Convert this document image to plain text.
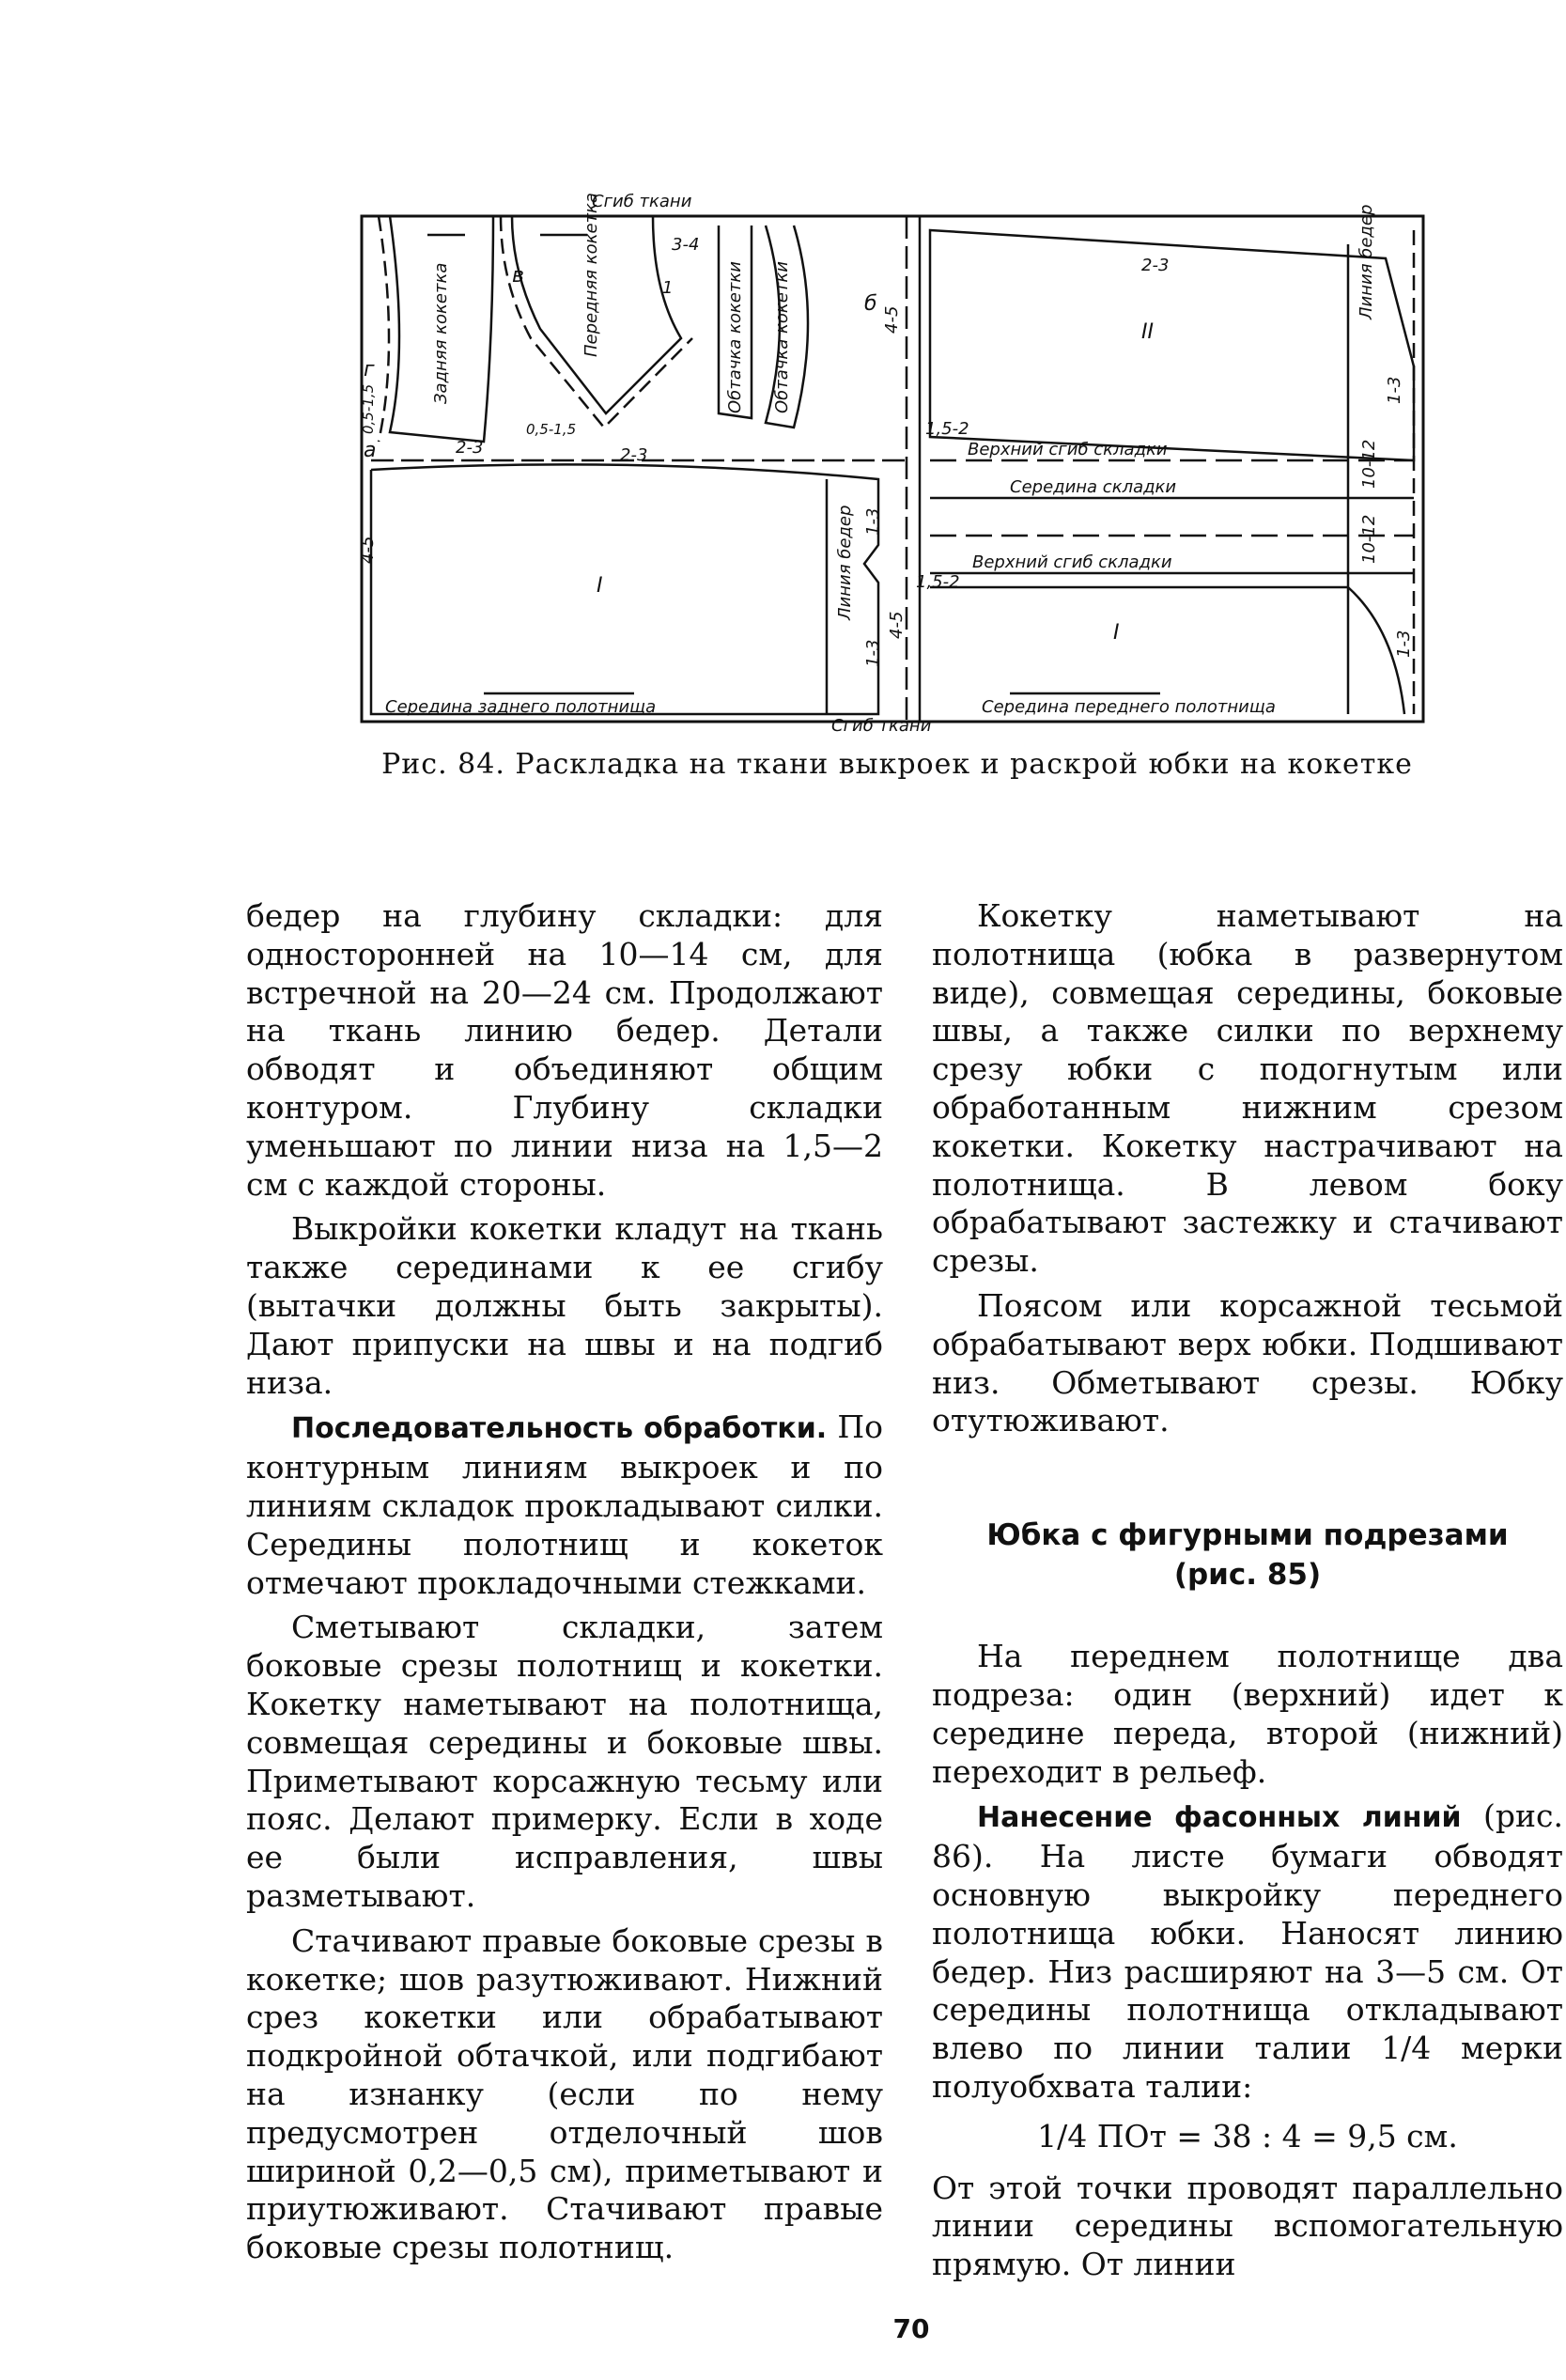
Сгиб ткани
Сгиб ткани
Задняя кокетка	Передняя кокетка	Обтачка кокетки Обтачка кокетки
Линия бедер
Линия бедер
Верхний сгиб складки
Середина складки
Верхний сгиб складки
Середина заднего полотнища	Середина переднего полотнища
I
I
II
а
б
в
г
4-5
0,5-1,5
2-3
0,5-1,5
2-3
1
3-4
4-5
1,5-2
2-3
1-3
10-12
10-12
1-3
1-3
1-3
4-5
1,5-2
Рис. 84. Раскладка на ткани выкроек и раскрой юбки на кокетке

бедер на глубину складки: для односторонней на 10—14 см, для встречной на 20—24 см. Продолжают на ткань линию бедер. Детали обводят и объединяют общим контуром. Глубину складки уменьшают по линии низа на 1,5—2 см с каждой стороны.

Выкройки кокетки кладут на ткань также серединами к ее сгибу (вытачки должны быть закрыты). Дают припуски на швы и на подгиб низа.

Последовательность обработки. По контурным линиям выкроек и по линиям складок прокладывают силки. Середины полотнищ и кокеток отмечают прокладочными стежками.

Сметывают складки, затем боковые срезы полотнищ и кокетки. Кокетку наметывают на полотнища, совмещая середины и боковые швы. Приметывают корсажную тесьму или пояс. Делают примерку. Если в ходе ее были исправления, швы разметывают.

Стачивают правые боковые срезы в кокетке; шов разутюживают. Нижний срез кокетки или обрабатывают подкройной обтачкой, или подгибают на изнанку (если по нему предусмотрен отделочный шов шириной 0,2—0,5 см), приметывают и приутюживают. Стачивают правые боковые срезы полотнищ.

Кокетку наметывают на полотнища (юбка в развернутом виде), совмещая середины, боковые швы, а также силки по верхнему срезу юбки с подогнутым или обработанным нижним срезом кокетки. Кокетку настрачивают на полотнища. В левом боку обрабатывают застежку и стачивают срезы.

Поясом или корсажной тесьмой обрабатывают верх юбки. Подшивают низ. Обметывают срезы. Юбку отутюживают.

Юбка с фигурными подрезами
(рис. 85)

На переднем полотнище два подреза: один (верхний) идет к середине переда, второй (нижний) переходит в рельеф.

Нанесение фасонных линий (рис. 86). На листе бумаги обводят основную выкройку переднего полотнища юбки. Наносят линию бедер. Низ расширяют на 3—5 см. От середины полотнища откладывают влево по линии талии 1/4 мерки полуобхвата талии:

1/4 ПОт = 38 : 4 = 9,5 см.

От этой точки проводят параллельно линии середины вспомогательную прямую. От линии

70
